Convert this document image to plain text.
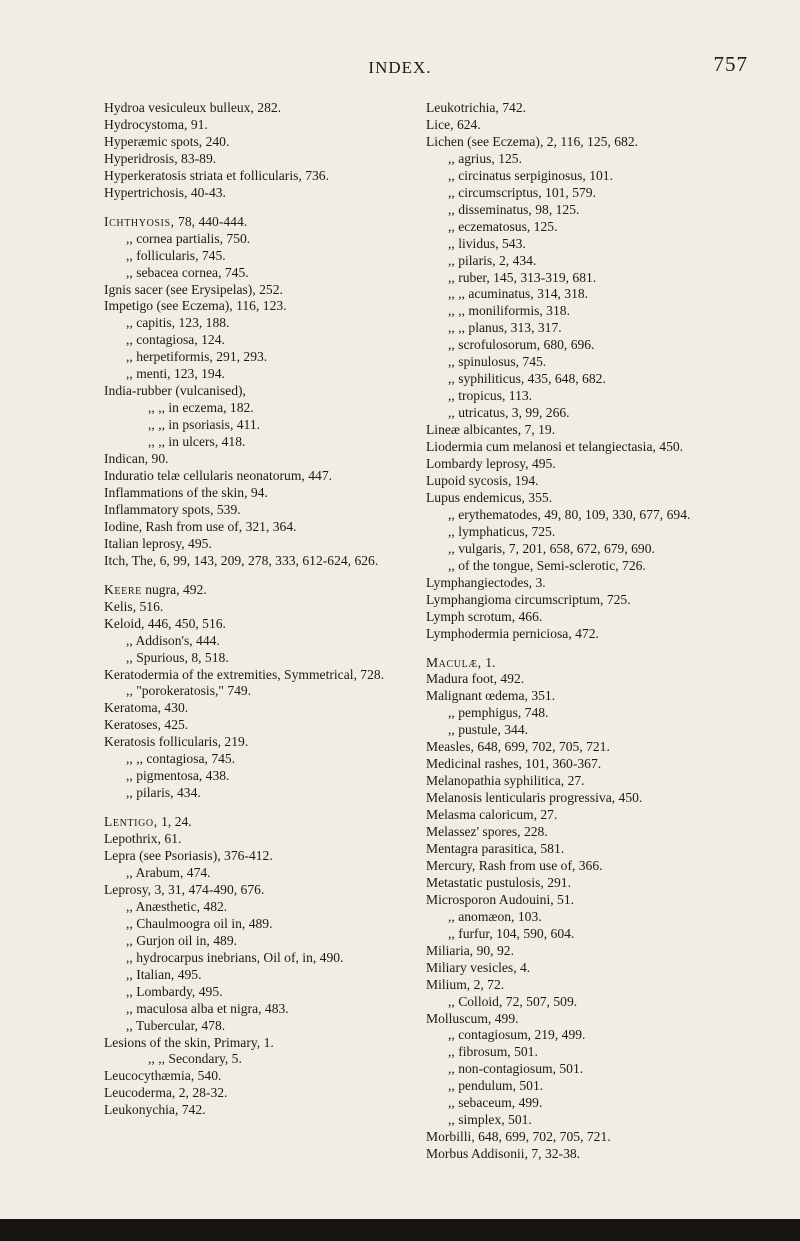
INDEX.	757
Hydroa vesiculeux bulleux, 282.
Hydrocystoma, 91.
Hyperæmic spots, 240.
Hyperidrosis, 83-89.
Hyperkeratosis striata et follicularis, 736.
Hypertrichosis, 40-43.
Ichthyosis, 78, 440-444.
,, cornea partialis, 750.
,, follicularis, 745.
,, sebacea cornea, 745.
Ignis sacer (see Erysipelas), 252.
Impetigo (see Eczema), 116, 123.
,, capitis, 123, 188.
,, contagiosa, 124.
,, herpetiformis, 291, 293.
,, menti, 123, 194.
India-rubber (vulcanised),
,, ,, in eczema, 182.
,, ,, in psoriasis, 411.
,, ,, in ulcers, 418.
Indican, 90.
Induratio telæ cellularis neonatorum, 447.
Inflammations of the skin, 94.
Inflammatory spots, 539.
Iodine, Rash from use of, 321, 364.
Italian leprosy, 495.
Itch, The, 6, 99, 143, 209, 278, 333, 612-624, 626.
Keere nugra, 492.
Kelis, 516.
Keloid, 446, 450, 516.
,, Addison's, 444.
,, Spurious, 8, 518.
Keratodermia of the extremities, Symmetrical, 728.
,, "porokeratosis," 749.
Keratoma, 430.
Keratoses, 425.
Keratosis follicularis, 219.
,, ,, contagiosa, 745.
,, pigmentosa, 438.
,, pilaris, 434.
Lentigo, 1, 24.
Lepothrix, 61.
Lepra (see Psoriasis), 376-412.
,, Arabum, 474.
Leprosy, 3, 31, 474-490, 676.
,, Anæsthetic, 482.
,, Chaulmoogra oil in, 489.
,, Gurjon oil in, 489.
,, hydrocarpus inebrians, Oil of, in, 490.
,, Italian, 495.
,, Lombardy, 495.
,, maculosa alba et nigra, 483.
,, Tubercular, 478.
Lesions of the skin, Primary, 1.
,, ,, Secondary, 5.
Leucocythæmia, 540.
Leucoderma, 2, 28-32.
Leukonychia, 742.
Leukotrichia, 742.
Lice, 624.
Lichen (see Eczema), 2, 116, 125, 682.
,, agrius, 125.
,, circinatus serpiginosus, 101.
,, circumscriptus, 101, 579.
,, disseminatus, 98, 125.
,, eczematosus, 125.
,, lividus, 543.
,, pilaris, 2, 434.
,, ruber, 145, 313-319, 681.
,, ,, acuminatus, 314, 318.
,, ,, moniliformis, 318.
,, ,, planus, 313, 317.
,, scrofulosorum, 680, 696.
,, spinulosus, 745.
,, syphiliticus, 435, 648, 682.
,, tropicus, 113.
,, utricatus, 3, 99, 266.
Lineæ albicantes, 7, 19.
Liodermia cum melanosi et telangiectasia, 450.
Lombardy leprosy, 495.
Lupoid sycosis, 194.
Lupus endemicus, 355.
,, erythematodes, 49, 80, 109, 330, 677, 694.
,, lymphaticus, 725.
,, vulgaris, 7, 201, 658, 672, 679, 690.
,, of the tongue, Semi-sclerotic, 726.
Lymphangiectodes, 3.
Lymphangioma circumscriptum, 725.
Lymph scrotum, 466.
Lymphodermia perniciosa, 472.
Maculæ, 1.
Madura foot, 492.
Malignant œdema, 351.
,, pemphigus, 748.
,, pustule, 344.
Measles, 648, 699, 702, 705, 721.
Medicinal rashes, 101, 360-367.
Melanopathia syphilitica, 27.
Melanosis lenticularis progressiva, 450.
Melasma caloricum, 27.
Melassez' spores, 228.
Mentagra parasitica, 581.
Mercury, Rash from use of, 366.
Metastatic pustulosis, 291.
Microsporon Audouini, 51.
,, anomæon, 103.
,, furfur, 104, 590, 604.
Miliaria, 90, 92.
Miliary vesicles, 4.
Milium, 2, 72.
,, Colloid, 72, 507, 509.
Molluscum, 499.
,, contagiosum, 219, 499.
,, fibrosum, 501.
,, non-contagiosum, 501.
,, pendulum, 501.
,, sebaceum, 499.
,, simplex, 501.
Morbilli, 648, 699, 702, 705, 721.
Morbus Addisonii, 7, 32-38.
